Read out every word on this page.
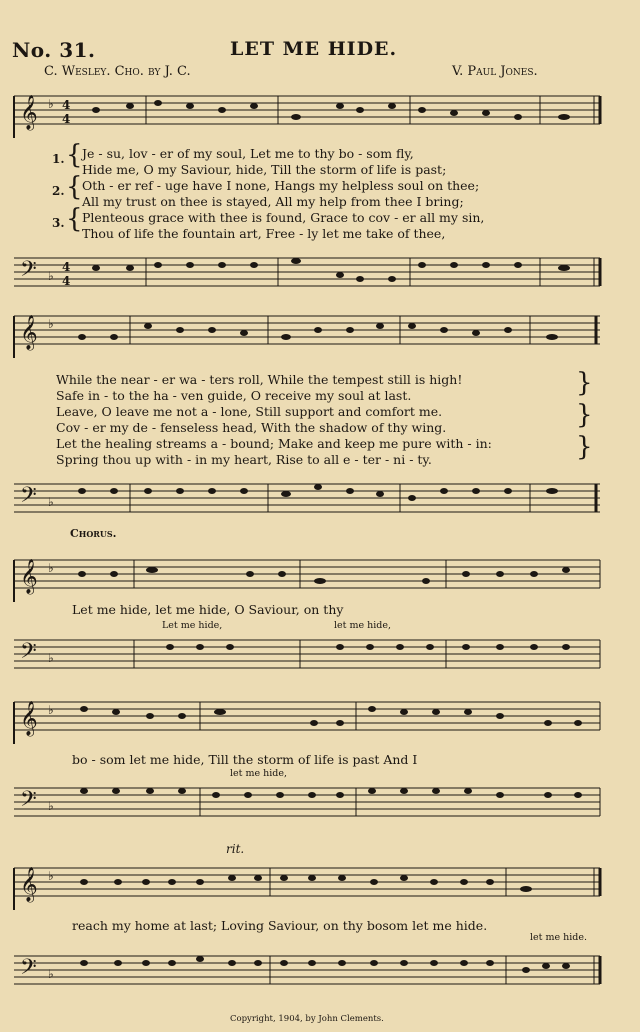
No. 31.	LET ME HIDE.
C. Wesley. Cho. by J. C.	V. Paul Jones.
𝄞 ♭ 4
4
1.
2.
3.
{
{
{
Je - su, lov - er of my soul, Let me to thy bo - som fly,
Hide me, O my Saviour, hide, Till the storm of life is past;
Oth - er ref - uge have I none, Hangs my helpless soul on thee;
All my trust on thee is stayed, All my help from thee I bring;
Plenteous grace with thee is found, Grace to cov - er all my sin,
Thou of life the fountain art, Free - ly let me take of thee,
𝄢 ♭
4
4
𝄞 ♭
}
}
}
While the near - er wa - ters roll, While the tempest still is high!
Safe in - to the ha - ven guide, O receive my soul at last.
Leave, O leave me not a - lone, Still support and comfort me.
Cov - er my de - fenseless head, With the shadow of thy wing.
Let the healing streams a - bound; Make and keep me pure with - in:
Spring thou up with - in my heart, Rise to all e - ter - ni - ty.
𝄢 ♭
Chorus.
𝄞 ♭
Let me hide, let me hide, O Saviour, on thy
Let me hide,	let me hide,
𝄢 ♭
𝄞 ♭
bo - som let me hide, Till the storm of life is past And I
let me hide,
𝄢 ♭
rit.
𝄞 ♭
reach my home at last; Loving Saviour, on thy bosom let me hide.
let me hide.
𝄢 ♭
Copyright, 1904, by John Clements.
